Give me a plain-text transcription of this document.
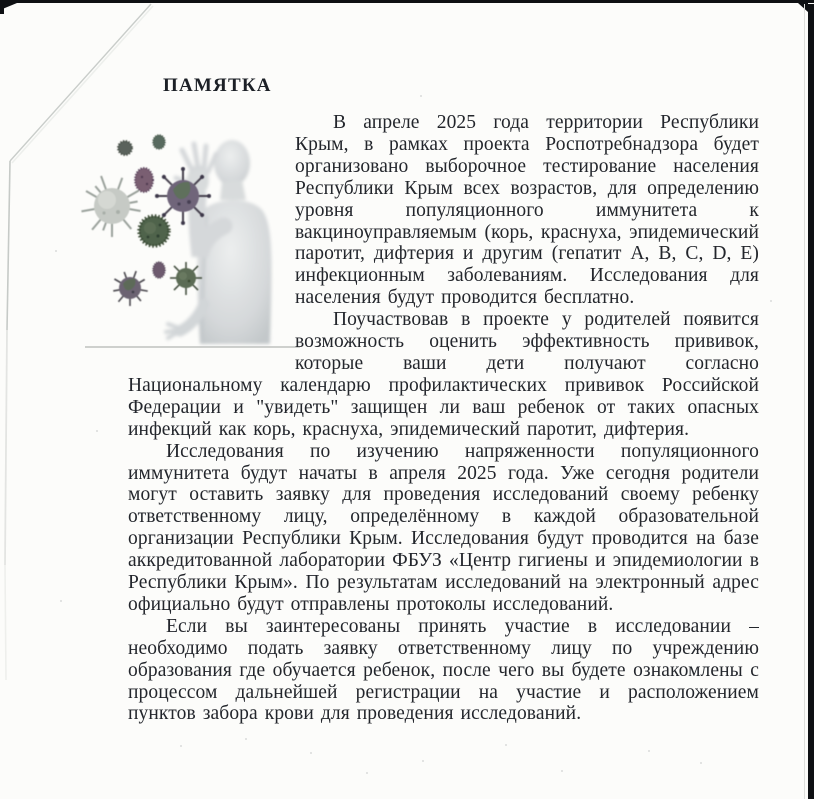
ПАМЯТКА

В апреле 2025 года территории Республики Крым, в рамках проекта Роспотребнадзора будет организовано выборочное тестирование населения Республики Крым всех возрастов, для определению уровня популяционного иммунитета к вакциноуправляемым (корь, краснуха, эпидемический паротит, дифтерия и другим (гепатит A, B, C, D, E) инфекционным заболеваниям. Исследования для населения будут проводится бесплатно.

Поучаствовав в проекте у родителей появится возможность оценить эффективность прививок, которые ваши дети получают согласно Национальному календарю профилактических прививок Российской Федерации и "увидеть" защищен ли ваш ребенок от таких опасных инфекций как корь, краснуха, эпидемический паротит, дифтерия.

Исследования по изучению напряженности популяционного иммунитета будут начаты в апреля 2025 года. Уже сегодня родители могут оставить заявку для проведения исследований своему ребенку ответственному лицу, определённому в каждой образовательной организации Республики Крым. Исследования будут проводится на базе аккредитованной лаборатории ФБУЗ «Центр гигиены и эпидемиологии в Республики Крым». По результатам исследований на электронный адрес официально будут отправлены протоколы исследований.

Если вы заинтересованы принять участие в исследовании – необходимо подать заявку ответственному лицу по учреждению образования где обучается ребенок, после чего вы будете ознакомлены с процессом дальнейшей регистрации на участие и расположением пунктов забора крови для проведения исследований.
